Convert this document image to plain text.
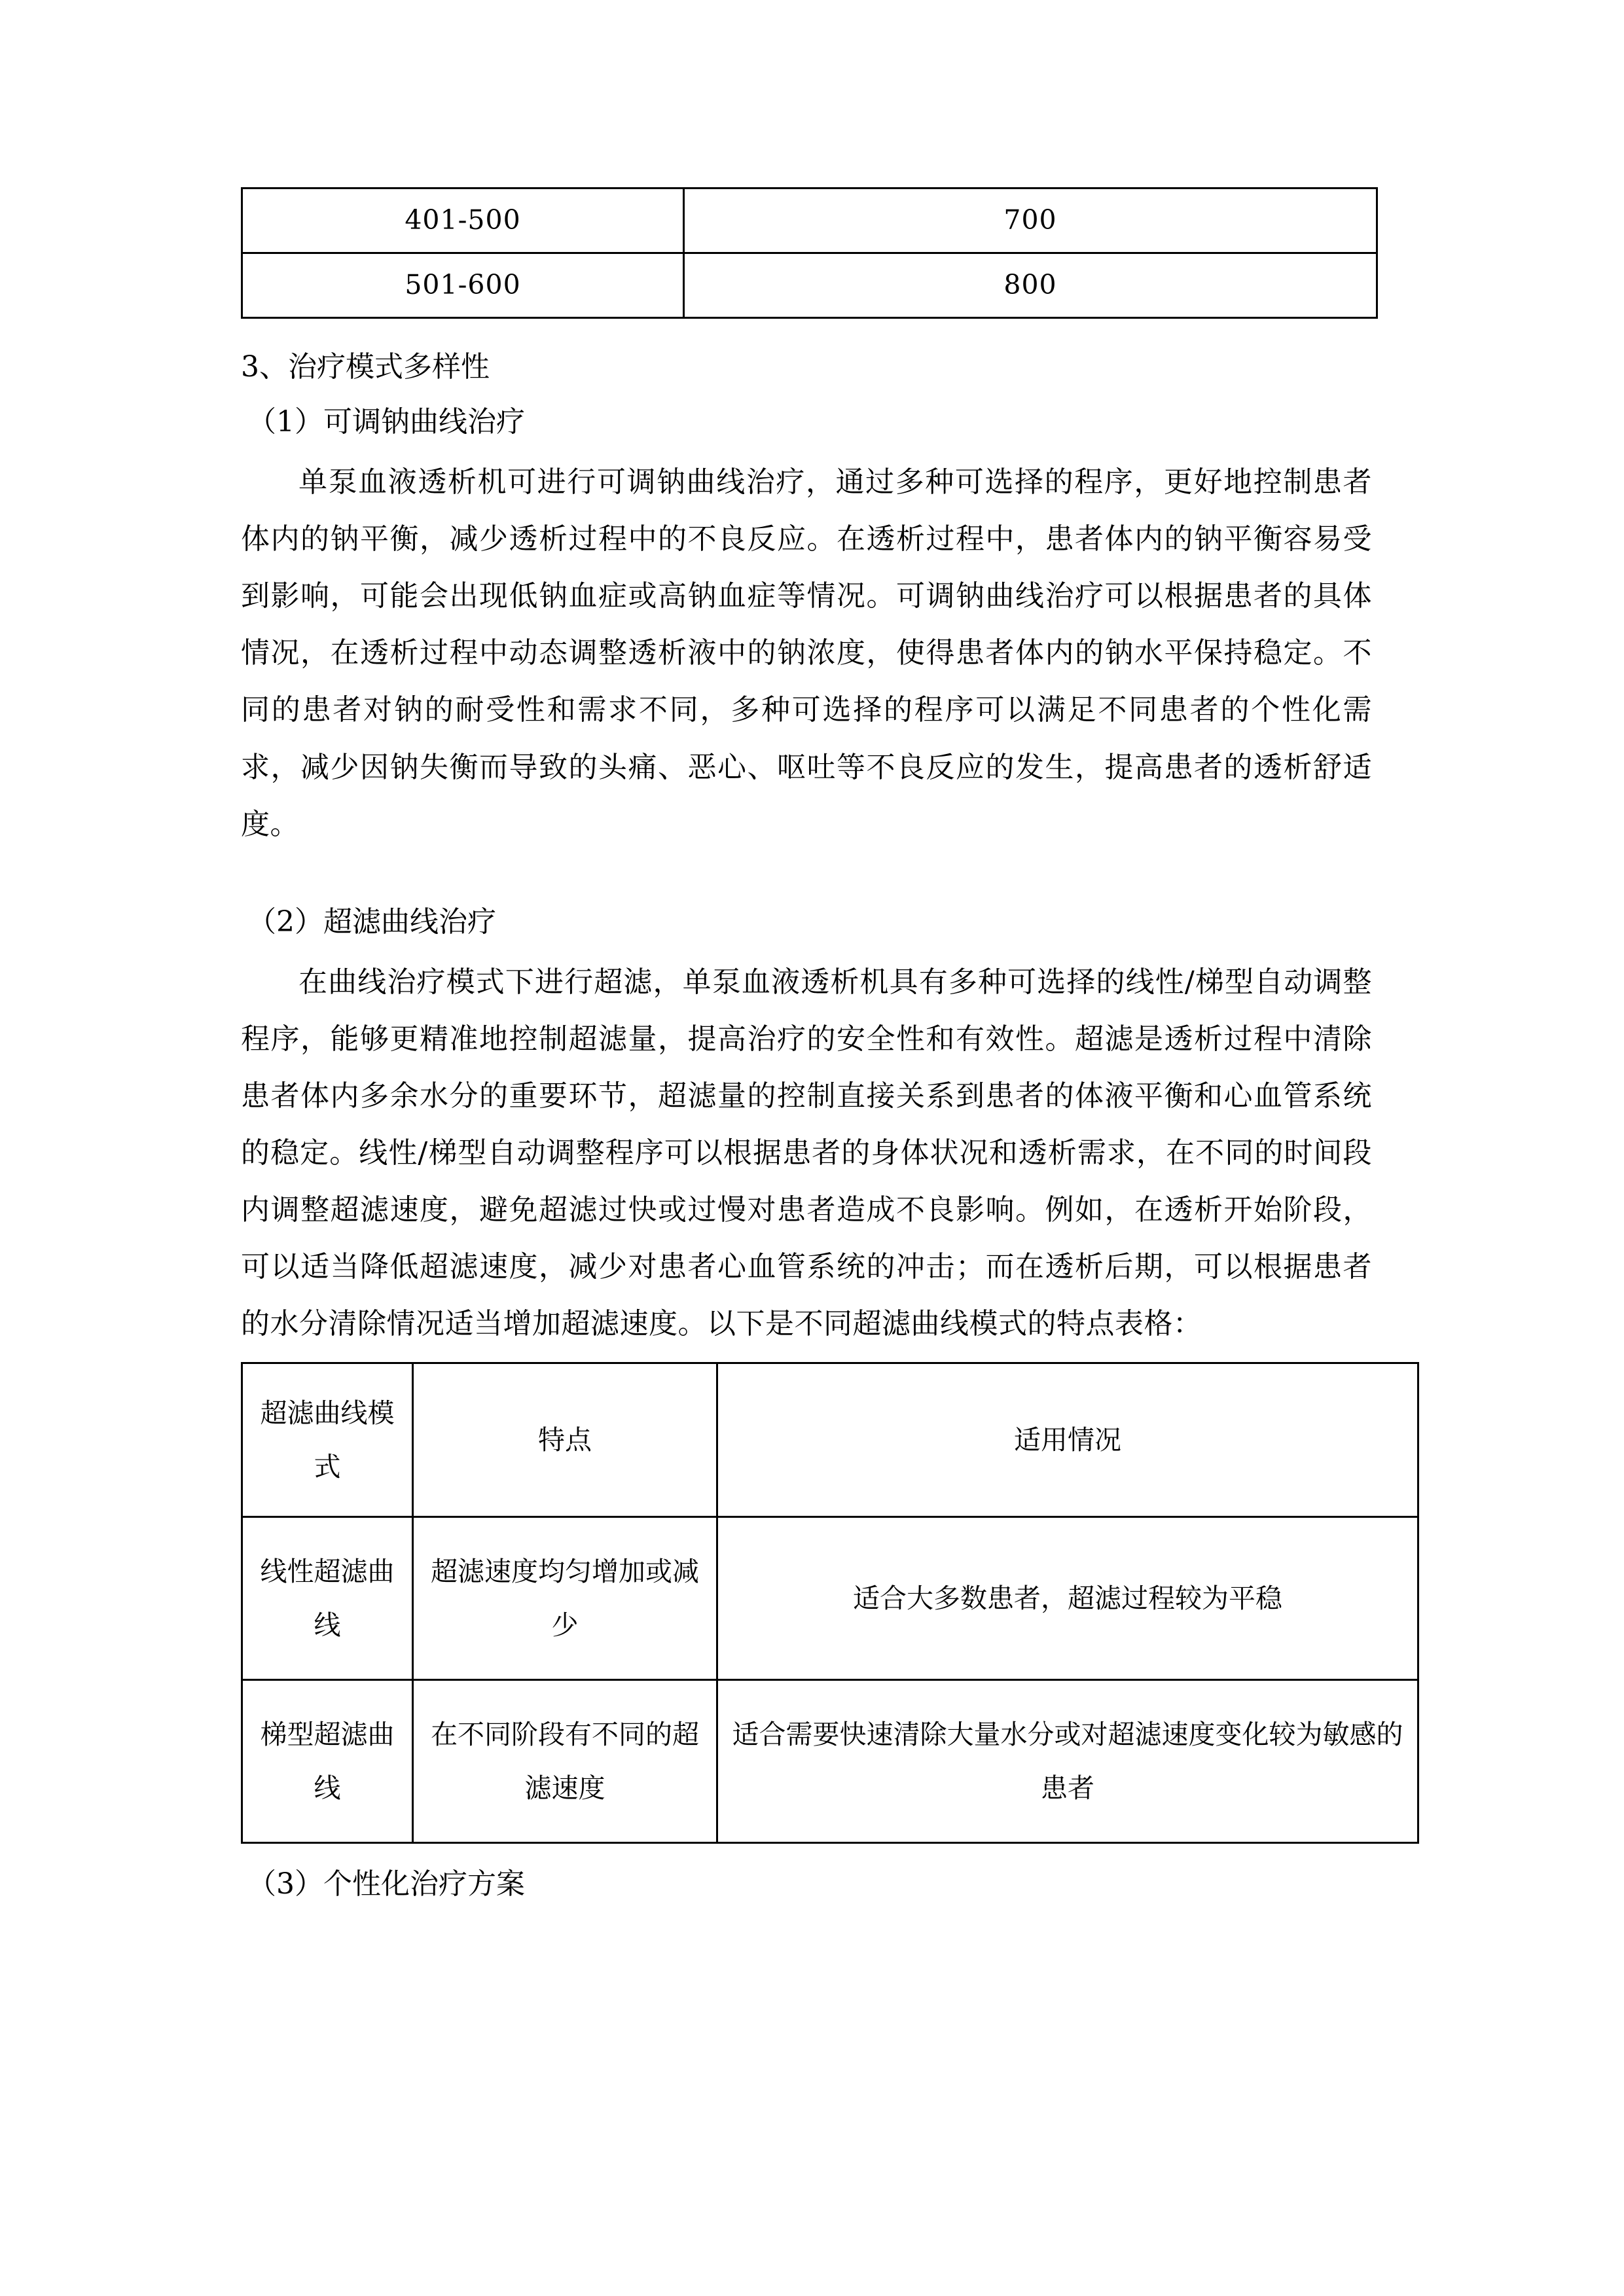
401-500	700
501-600	800

3、治疗模式多样性

（1）可调钠曲线治疗

单泵血液透析机可进行可调钠曲线治疗，通过多种可选择的程序，更好地控制患者体内的钠平衡，减少透析过程中的不良反应。在透析过程中，患者体内的钠平衡容易受到影响，可能会出现低钠血症或高钠血症等情况。可调钠曲线治疗可以根据患者的具体情况，在透析过程中动态调整透析液中的钠浓度，使得患者体内的钠水平保持稳定。不同的患者对钠的耐受性和需求不同，多种可选择的程序可以满足不同患者的个性化需求，减少因钠失衡而导致的头痛、恶心、呕吐等不良反应的发生，提高患者的透析舒适度。

（2）超滤曲线治疗

在曲线治疗模式下进行超滤，单泵血液透析机具有多种可选择的线性/梯型自动调整程序，能够更精准地控制超滤量，提高治疗的安全性和有效性。超滤是透析过程中清除患者体内多余水分的重要环节，超滤量的控制直接关系到患者的体液平衡和心血管系统的稳定。线性/梯型自动调整程序可以根据患者的身体状况和透析需求，在不同的时间段内调整超滤速度，避免超滤过快或过慢对患者造成不良影响。例如，在透析开始阶段，可以适当降低超滤速度，减少对患者心血管系统的冲击；而在透析后期，可以根据患者的水分清除情况适当增加超滤速度。以下是不同超滤曲线模式的特点表格：

超滤曲线模式	特点	适用情况
线性超滤曲线	超滤速度均匀增加或减少	适合大多数患者，超滤过程较为平稳
梯型超滤曲线	在不同阶段有不同的超滤速度	适合需要快速清除大量水分或对超滤速度变化较为敏感的患者

（3）个性化治疗方案
